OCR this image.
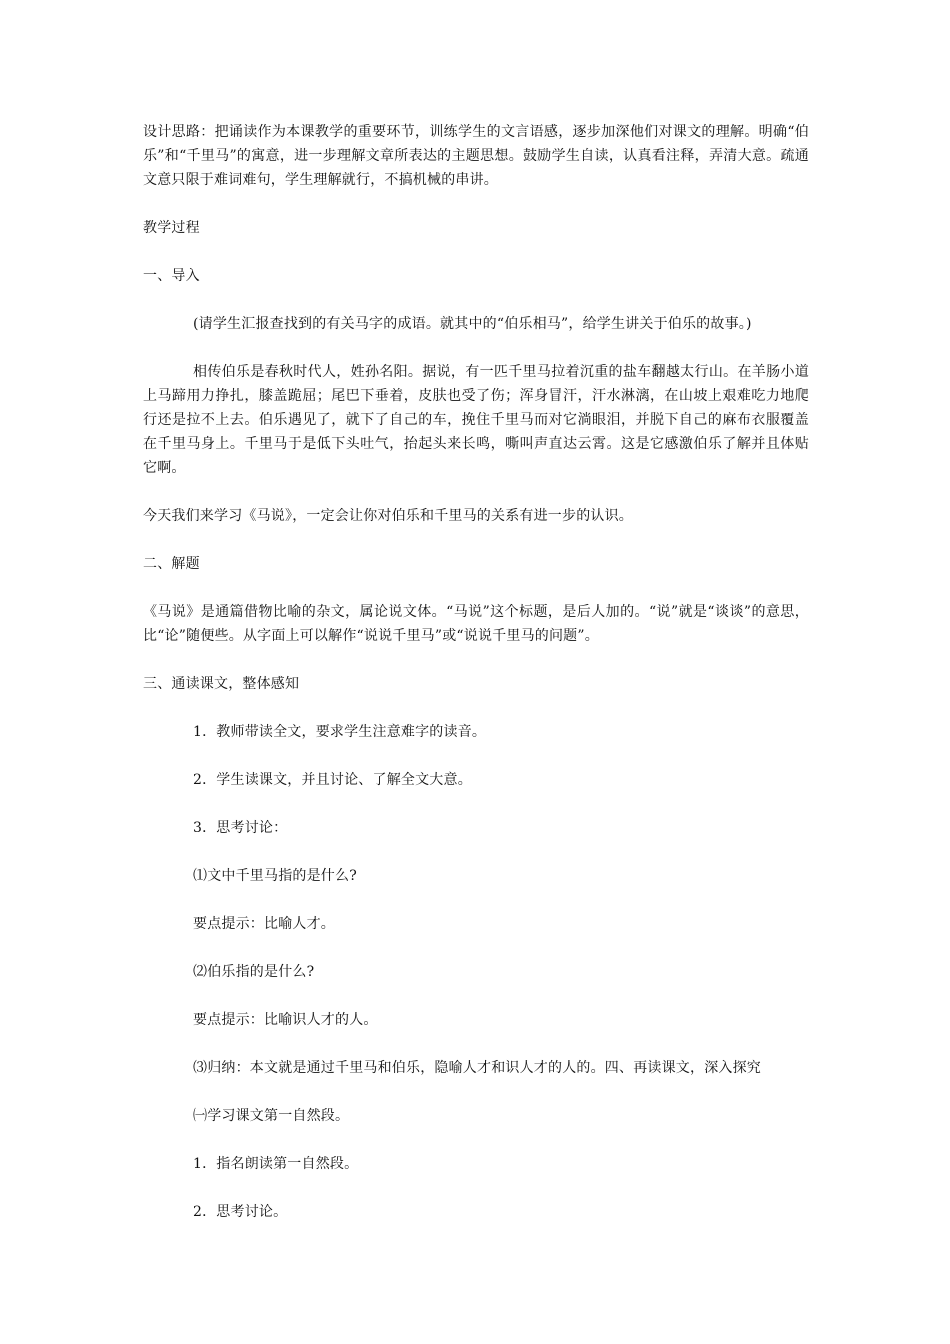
设计思路：把诵读作为本课教学的重要环节，训练学生的文言语感，逐步加深他们对课文的理解。明确“伯乐”和“千里马”的寓意，进一步理解文章所表达的主题思想。鼓励学生自读，认真看注释，弄清大意。疏通文意只限于难词难句，学生理解就行，不搞机械的串讲。

教学过程

一、导入

(请学生汇报查找到的有关马字的成语。就其中的“伯乐相马”，给学生讲关于伯乐的故事。)

相传伯乐是春秋时代人，姓孙名阳。据说，有一匹千里马拉着沉重的盐车翻越太行山。在羊肠小道上马蹄用力挣扎，膝盖跪屈；尾巴下垂着，皮肤也受了伤；浑身冒汗，汗水淋漓，在山坡上艰难吃力地爬行还是拉不上去。伯乐遇见了，就下了自己的车，挽住千里马而对它淌眼泪，并脱下自己的麻布衣服覆盖在千里马身上。千里马于是低下头吐气，抬起头来长鸣，嘶叫声直达云霄。这是它感激伯乐了解并且体贴它啊。

今天我们来学习《马说》，一定会让你对伯乐和千里马的关系有进一步的认识。

二、解题

《马说》是通篇借物比喻的杂文，属论说文体。“马说”这个标题，是后人加的。“说”就是“谈谈”的意思，比“论”随便些。从字面上可以解作“说说千里马”或“说说千里马的问题”。

三、通读课文，整体感知

1．教师带读全文，要求学生注意难字的读音。

2．学生读课文，并且讨论、了解全文大意。

3．思考讨论：

⑴文中千里马指的是什么?

要点提示：比喻人才。

⑵伯乐指的是什么?

要点提示：比喻识人才的人。

⑶归纳：本文就是通过千里马和伯乐，隐喻人才和识人才的人的。四、再读课文，深入探究

㈠学习课文第一自然段。

1．指名朗读第一自然段。

2．思考讨论。
